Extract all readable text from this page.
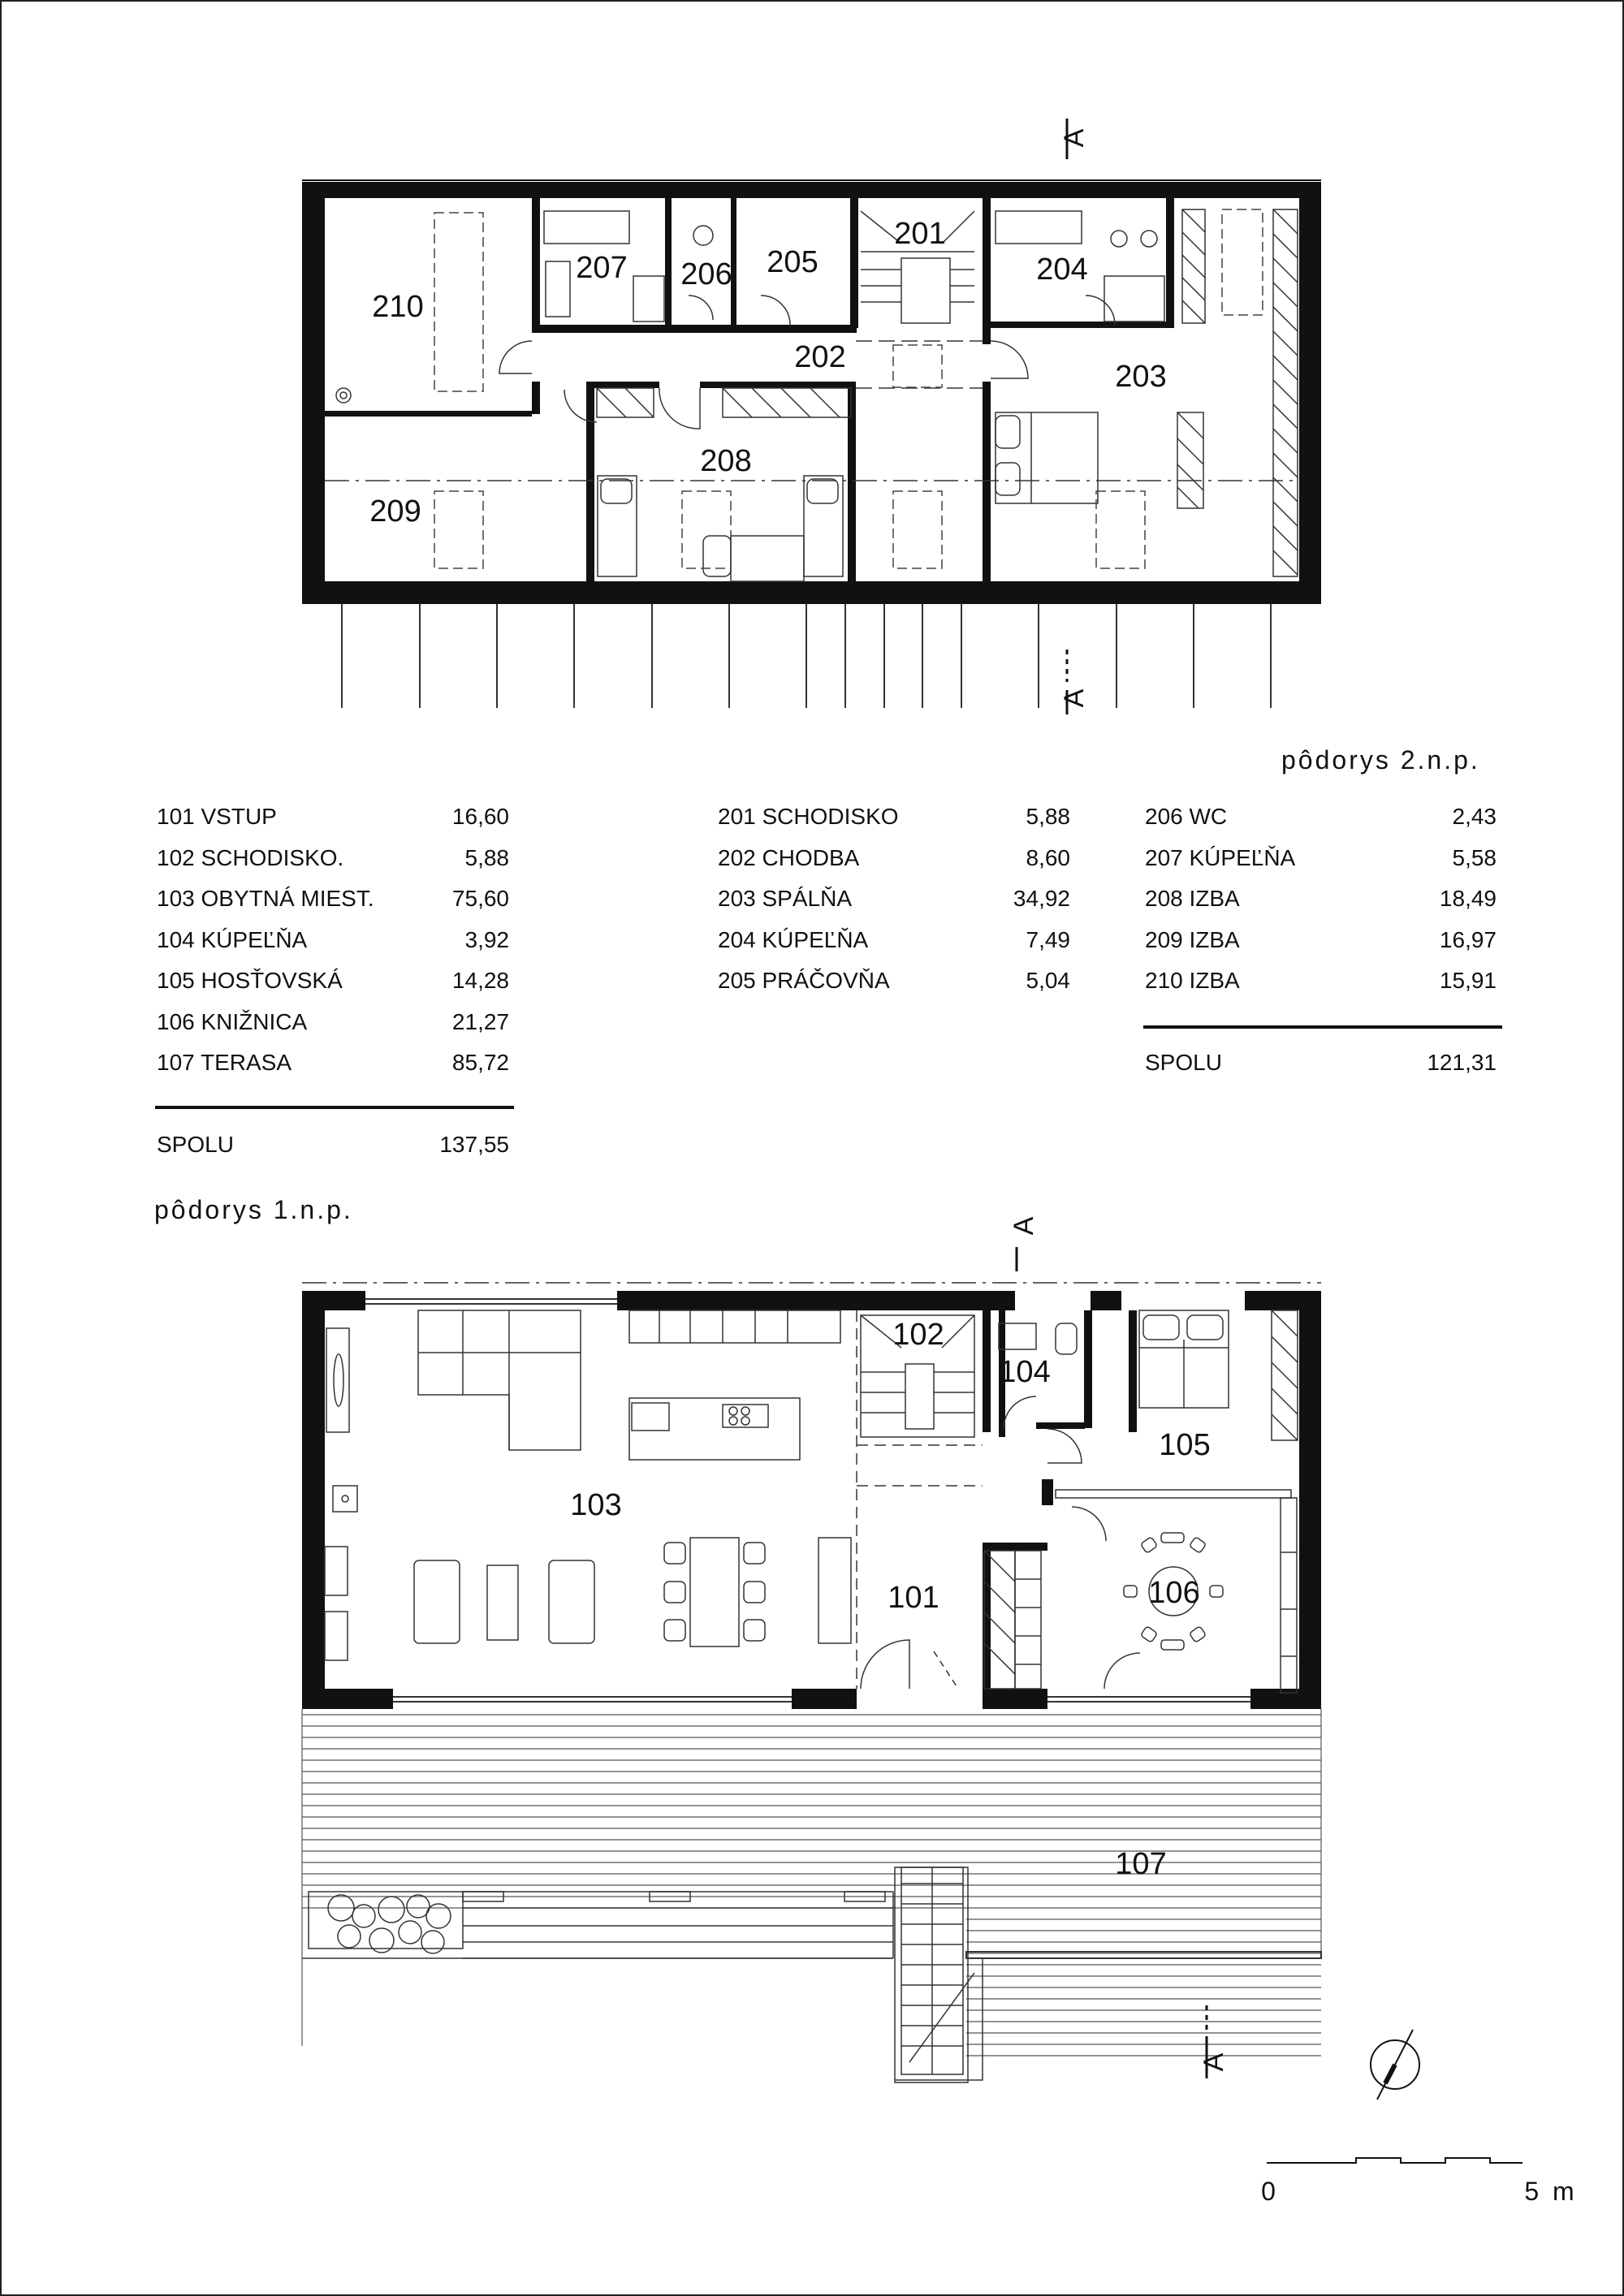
210
207 206 205
201
204
202
203
208
209
A
A
103
102
104
105
106
101
107
A
A
0	5 m
pôdorys 2.n.p.
pôdorys 1.n.p.
101 VSTUP	16,60
102 SCHODISKO.	5,88
103 OBYTNÁ MIEST.	75,60
104 KÚPEĽŇA	3,92
105 HOSŤOVSKÁ	14,28
106 KNIŽNICA	21,27
107 TERASA	85,72
SPOLU	137,55
201 SCHODISKO	5,88
202 CHODBA	8,60
203 SPÁLŇA	34,92
204 KÚPEĽŇA	7,49
205 PRÁČOVŇA	5,04
206 WC	2,43
207 KÚPEĽŇA	5,58
208 IZBA	18,49
209 IZBA	16,97
210 IZBA	15,91
SPOLU	121,31
